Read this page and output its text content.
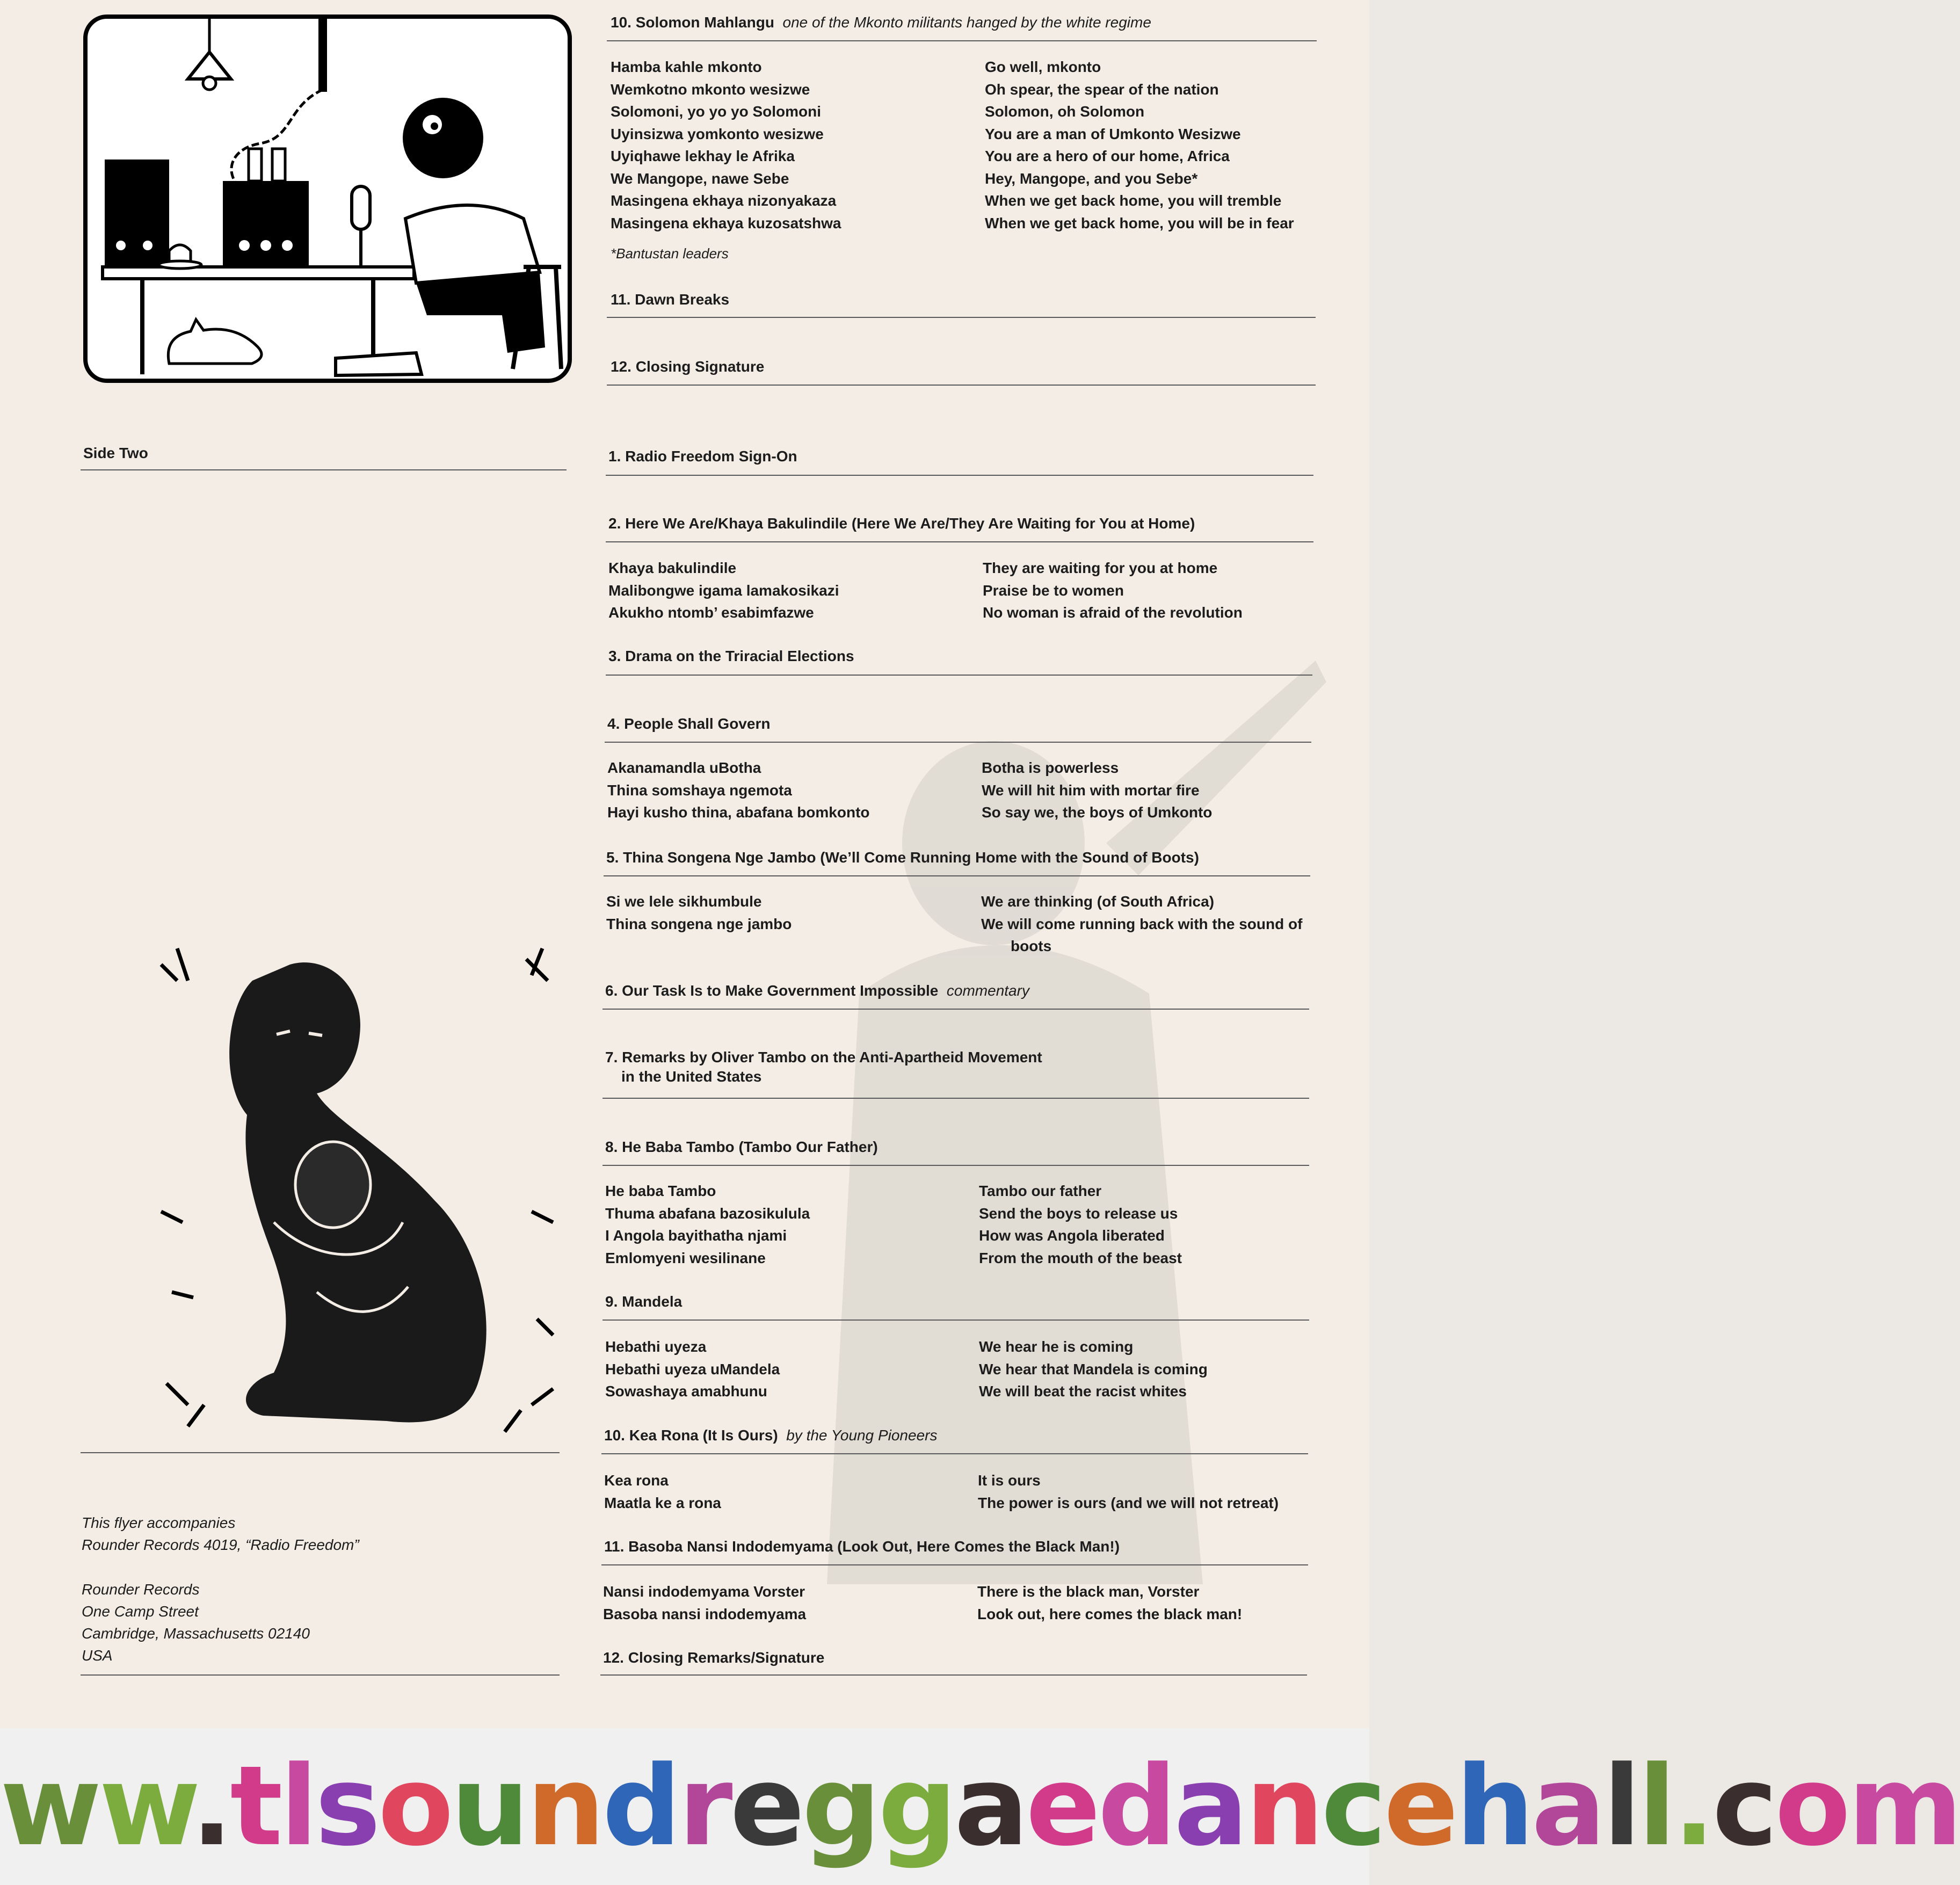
10. Solomon Mahlangu one of the Mkonto militants hanged by the white regime
Hamba kahle mkonto
Wemkotno mkonto wesizwe
Solomoni, yo yo yo Solomoni
Uyinsizwa yomkonto wesizwe
Uyiqhawe lekhay le Afrika
We Mangope, nawe Sebe
Masingena ekhaya nizonyakaza
Masingena ekhaya kuzosatshwa
Go well, mkonto
Oh spear, the spear of the nation
Solomon, oh Solomon
You are a man of Umkonto Wesizwe
You are a hero of our home, Africa
Hey, Mangope, and you Sebe*
When we get back home, you will tremble
When we get back home, you will be in fear
*Bantustan leaders
11. Dawn Breaks
12. Closing Signature
Side Two	1. Radio Freedom Sign-On
2. Here We Are/Khaya Bakulindile (Here We Are/They Are Waiting for You at Home)
Khaya bakulindile
Malibongwe igama lamakosikazi
Akukho ntomb’ esabimfazwe
They are waiting for you at home
Praise be to women
No woman is afraid of the revolution
3. Drama on the Triracial Elections
4. People Shall Govern
Akanamandla uBotha
Thina somshaya ngemota
Hayi kusho thina, abafana bomkonto
Botha is powerless
We will hit him with mortar fire
So say we, the boys of Umkonto
5. Thina Songena Nge Jambo (We’ll Come Running Home with the Sound of Boots)
Si we lele sikhumbule
Thina songena nge jambo
We are thinking (of South Africa)
We will come running back with the sound of
boots
6. Our Task Is to Make Government Impossible commentary
7. Remarks by Oliver Tambo on the Anti-Apartheid Movement
in the United States
8. He Baba Tambo (Tambo Our Father)
He baba Tambo
Thuma abafana bazosikulula
I Angola bayithatha njami
Emlomyeni wesilinane
Tambo our father
Send the boys to release us
How was Angola liberated
From the mouth of the beast
9. Mandela
Hebathi uyeza
Hebathi uyeza uMandela
Sowashaya amabhunu
We hear he is coming
We hear that Mandela is coming
We will beat the racist whites
10. Kea Rona (It Is Ours) by the Young Pioneers
Kea rona
Maatla ke a rona
It is ours
The power is ours (and we will not retreat)
11. Basoba Nansi Indodemyama (Look Out, Here Comes the Black Man!)
Nansi indodemyama Vorster
Basoba nansi indodemyama
There is the black man, Vorster
Look out, here comes the black man!
12. Closing Remarks/Signature
This flyer accompanies
Rounder Records 4019, “Radio Freedom”
Rounder Records
One Camp Street
Cambridge, Massachusetts 02140
USA
ww.tlsoundreggaedancehall.com
